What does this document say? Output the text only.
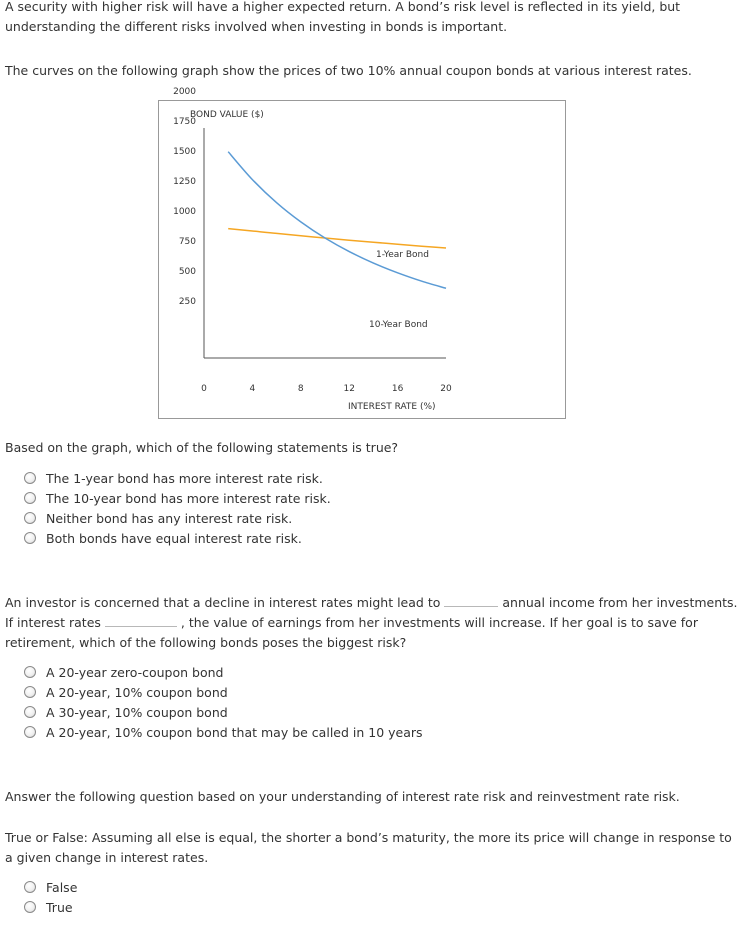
A security with higher risk will have a higher expected return. A bond’s risk level is reflected in its yield, but
understanding the different risks involved when investing in bonds is important.
The curves on the following graph show the prices of two 10% annual coupon bonds at various interest rates.
BOND VALUE ($)
INTEREST RATE (%)
2000
1750
1500
1250
1000
750
500
250
0	4	8	12	16	20
1-Year Bond
10-Year Bond
Based on the graph, which of the following statements is true?
The 1-year bond has more interest rate risk.
The 10-year bond has more interest rate risk.
Neither bond has any interest rate risk.
Both bonds have equal interest rate risk.
An investor is concerned that a decline in interest rates might lead to	annual income from her investments.
If interest rates	, the value of earnings from her investments will increase. If her goal is to save for
retirement, which of the following bonds poses the biggest risk?
A 20-year zero-coupon bond
A 20-year, 10% coupon bond
A 30-year, 10% coupon bond
A 20-year, 10% coupon bond that may be called in 10 years
Answer the following question based on your understanding of interest rate risk and reinvestment rate risk.
True or False: Assuming all else is equal, the shorter a bond’s maturity, the more its price will change in response to
a given change in interest rates.
False
True
